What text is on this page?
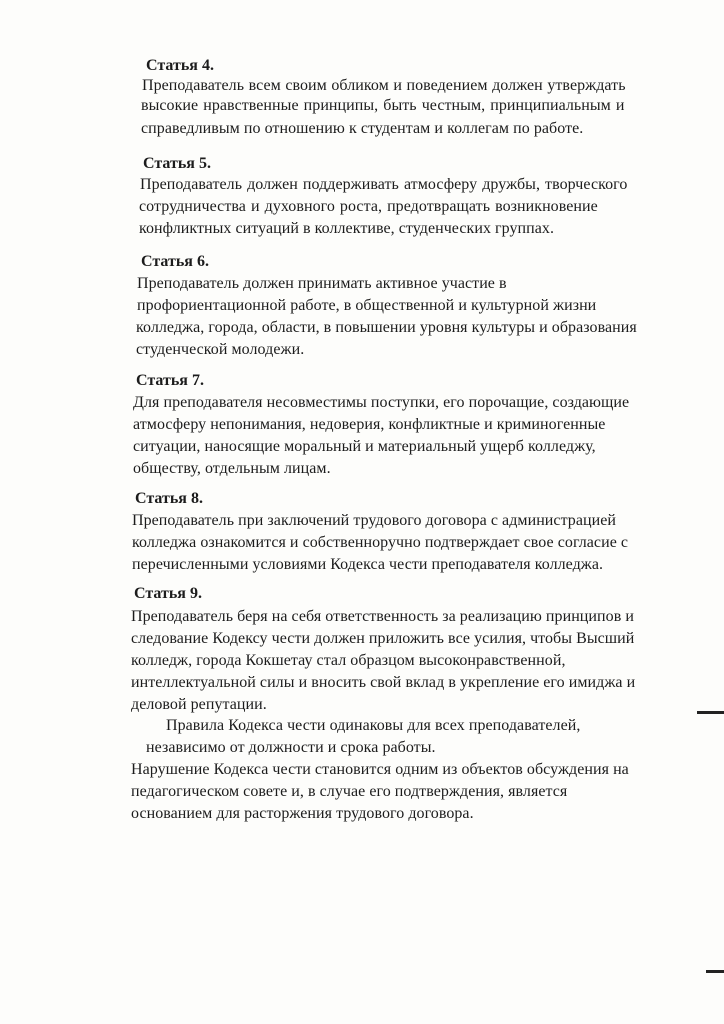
Статья 4.
Преподаватель всем своим обликом и поведением должен утверждать
высокие нравственные принципы, быть честным, принципиальным и
справедливым по отношению к студентам и коллегам по работе.
Статья 5.
Преподаватель должен поддерживать атмосферу дружбы, творческого
сотрудничества и духовного роста, предотвращать возникновение
конфликтных ситуаций в коллективе, студенческих группах.
Статья 6.
Преподаватель должен принимать активное участие в
профориентационной работе, в общественной и культурной жизни
колледжа, города, области, в повышении уровня культуры и образования
студенческой молодежи.
Статья 7.
Для преподавателя несовместимы поступки, его порочащие, создающие
атмосферу непонимания, недоверия, конфликтные и криминогенные
ситуации, наносящие моральный и материальный ущерб колледжу,
обществу, отдельным лицам.
Статья 8.
Преподаватель при заключений трудового договора с администрацией
колледжа ознакомится и собственноручно подтверждает свое согласие с
перечисленными условиями Кодекса чести преподавателя колледжа.
Статья 9.
Преподаватель беря на себя ответственность за реализацию принципов и
следование Кодексу чести должен приложить все усилия, чтобы Высший
колледж, города Кокшетау стал образцом высоконравственной,
интеллектуальной силы и вносить свой вклад в укрепление его имиджа и
деловой репутации.
Правила Кодекса чести одинаковы для всех преподавателей,
независимо от должности и срока работы.
Нарушение Кодекса чести становится одним из объектов обсуждения на
педагогическом совете и, в случае его подтверждения, является
основанием для расторжения трудового договора.
